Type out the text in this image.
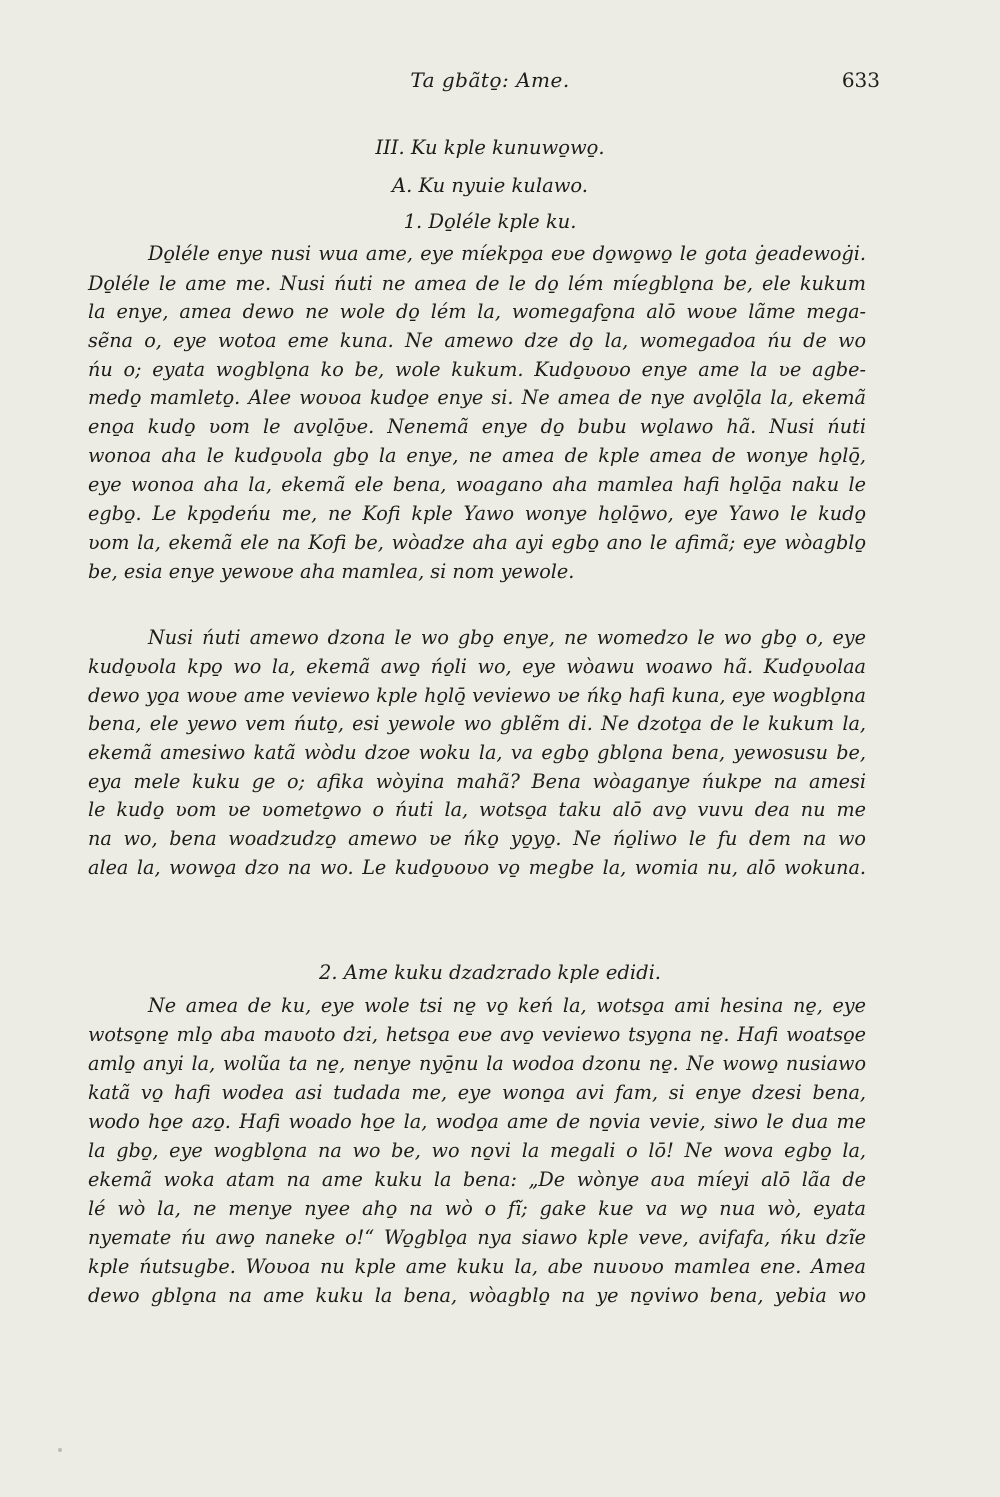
Ta gbãto̱: Ame.	633
III. Ku kple kunuwo̱wo̱.
A. Ku nyuie kulawo.
1. Do̱léle kple ku.
Do̱léle enye nusi wua ame, eye míekpo̱a eʋe do̱wo̱wo̱ le gota ġeadewoġi.
Do̱léle le ame me. Nusi ńuti ne amea de le do̱ lém míegblo̱na be, ele kukum
la enye, amea dewo ne wole do̱ lém la, womegafo̱na alō woʋe lãme mega-
sẽna o, eye wotoa eme kuna. Ne amewo dze do̱ la, womegadoa ńu de wo
ńu o; eyata wogblo̱na ko be, wole kukum. Kudo̱ʋoʋo enye ame la ʋe agbe-
medo̱ mamleto̱. Alee woʋoa kudo̱e enye si. Ne amea de nye avo̱lō̱la la, ekemã
eno̱a kudo̱ ʋom le avo̱lō̱ʋe. Nenemã enye do̱ bubu wo̱lawo hã. Nusi ńuti
wonoa aha le kudo̱ʋola gbo̱ la enye, ne amea de kple amea de wonye ho̱lō̱,
eye wonoa aha la, ekemã ele bena, woagano aha mamlea hafi ho̱lō̱a naku le
egbo̱. Le kpo̱deńu me, ne Kofi kple Yawo wonye ho̱lō̱wo, eye Yawo le kudo̱
ʋom la, ekemã ele na Kofi be, wòadze aha ayi egbo̱ ano le afimã; eye wòagblo̱
be, esia enye yewoʋe aha mamlea, si nom yewole.
Nusi ńuti amewo dzona le wo gbo̱ enye, ne womedzo le wo gbo̱ o, eye
kudo̱ʋola kpo̱ wo la, ekemã awo̱ ńo̱li wo, eye wòawu woawo hã. Kudo̱ʋolaa
dewo yo̱a woʋe ame veviewo kple ho̱lō̱ veviewo ʋe ńko̱ hafi kuna, eye wogblo̱na
bena, ele yewo vem ńuto̱, esi yewole wo gblẽm di. Ne dzoto̱a de le kukum la,
ekemã amesiwo katã wòdu dzoe woku la, va egbo̱ gblo̱na bena, yewosusu be,
eya mele kuku ge o; afika wòyina mahã? Bena wòaganye ńukpe na amesi
le kudo̱ ʋom ʋe ʋometo̱wo o ńuti la, wotso̱a taku alō avo̱ vuvu dea nu me
na wo, bena woadzudzo̱ amewo ʋe ńko̱ yo̱yo̱. Ne ńo̱liwo le fu dem na wo
alea la, wowo̱a dzo na wo. Le kudo̱ʋoʋo vo̱ megbe la, womia nu, alō wokuna.
2. Ame kuku dzadzrado kple edidi.
Ne amea de ku, eye wole tsi ne̱ vo̱ keń la, wotso̱a ami hesina ne̱, eye
wotso̱ne̱ mlo̱ aba maʋoto dzi, hetso̱a eʋe avo̱ veviewo tsyo̱na ne̱. Hafi woatso̱e
amlo̱ anyi la, wolũa ta ne̱, nenye nyō̱nu la wodoa dzonu ne̱. Ne wowo̱ nusiawo
katã vo̱ hafi wodea asi tudada me, eye wono̱a avi fam, si enye dzesi bena,
wodo ho̱e azo̱. Hafi woado ho̱e la, wodo̱a ame de no̱via vevie, siwo le dua me
la gbo̱, eye wogblo̱na na wo be, wo no̱vi la megali o lō! Ne wova egbo̱ la,
ekemã woka atam na ame kuku la bena: „De wònye aʋa míeyi alō lãa de
lé wò la, ne menye nyee aho̱ na wò o fĩ; gake kue va wo̱ nua wò, eyata
nyemate ńu awo̱ naneke o!“ Wo̱gblo̱a nya siawo kple veve, avifafa, ńku dzĩe
kple ńutsugbe. Woʋoa nu kple ame kuku la, abe nuʋoʋo mamlea ene. Amea
dewo gblo̱na na ame kuku la bena, wòagblo̱ na ye no̱viwo bena, yebia wo
